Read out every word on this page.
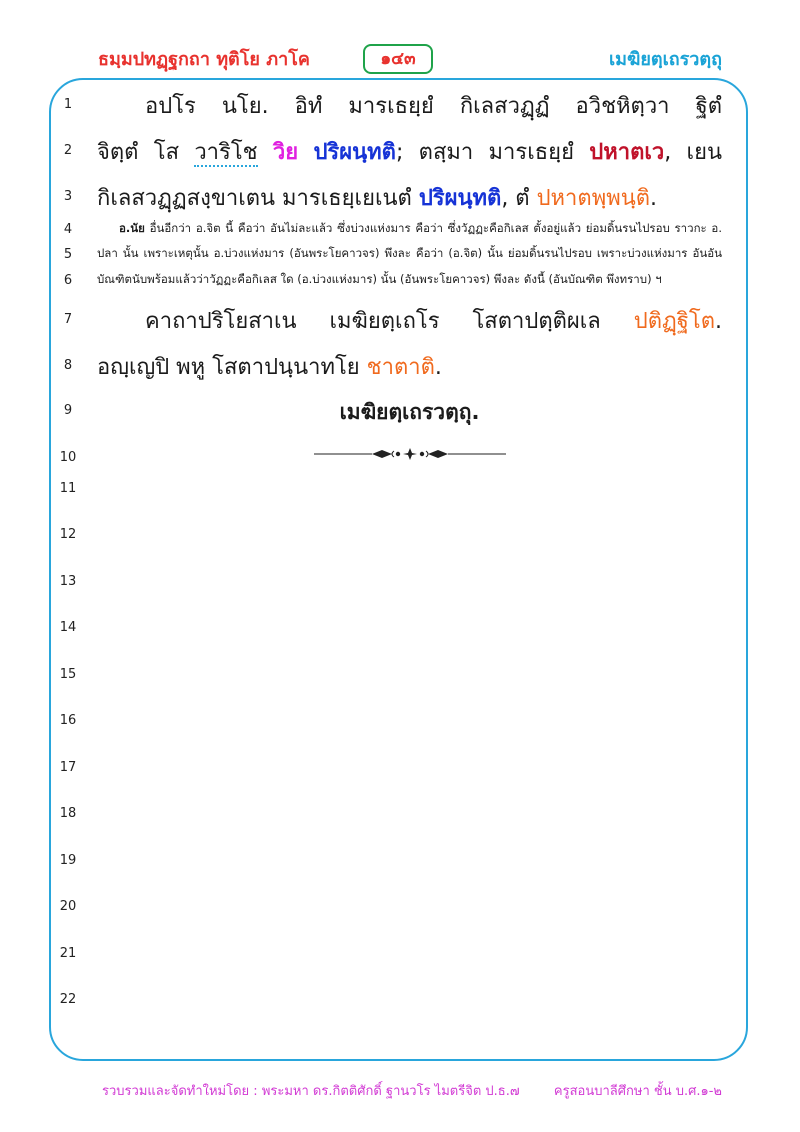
ธมฺมปทฏฺฐกถา ทุติโย ภาโค	๑๔๓	เมฆิยตฺเถรวตฺถุ
1
2
3
4
5
6
7
8
9
10
11
12
13
14
15
16
17
18
19
20
21
22
อปโร นโย. อิทํ มารเธยฺยํ กิเลสวฏฺฏํ อวิชหิตฺวา ฐิตํ
จิตฺตํ โส วาริโช วิย ปริผนฺทติ; ตสฺมา มารเธยฺยํ ปหาตเว, เยน
กิเลสวฏฺฏสงฺขาเตน มารเธยฺเยเนตํ ปริผนฺทติ, ตํ ปหาตพฺพนฺติ.
อ.นัย อื่นอีกว่า อ.จิต นี้ คือว่า อันไม่ละแล้ว ซึ่งบ่วงแห่งมาร คือว่า ซึ่งวัฏฏะคือกิเลส ตั้งอยู่แล้ว ย่อมดิ้นรนไปรอบ ราวกะ อ.
ปลา นั้น เพราะเหตุนั้น อ.บ่วงแห่งมาร (อันพระโยคาวจร) พึงละ คือว่า (อ.จิต) นั้น ย่อมดิ้นรนไปรอบ เพราะบ่วงแห่งมาร อันอัน
บัณฑิตนับพร้อมแล้วว่าวัฏฏะคือกิเลส ใด (อ.บ่วงแห่งมาร) นั้น (อันพระโยคาวจร) พึงละ ดังนี้ (อันบัณฑิต พึงทราบ) ฯ
คาถาปริโยสาเน เมฆิยตฺเถโร โสตาปตฺติผเล ปติฏฺฐิโต.
อญฺเญปิ พหู โสตาปนฺนาทโย ชาตาติ.
เมฆิยตฺเถรวตฺถุ.
รวบรวมและจัดทำใหม่โดย : พระมหา ดร.กิตติศักดิ์ ฐานวโร ไมตรีจิต ป.ธ.๗	ครูสอนบาลีศึกษา ชั้น บ.ศ.๑-๒
